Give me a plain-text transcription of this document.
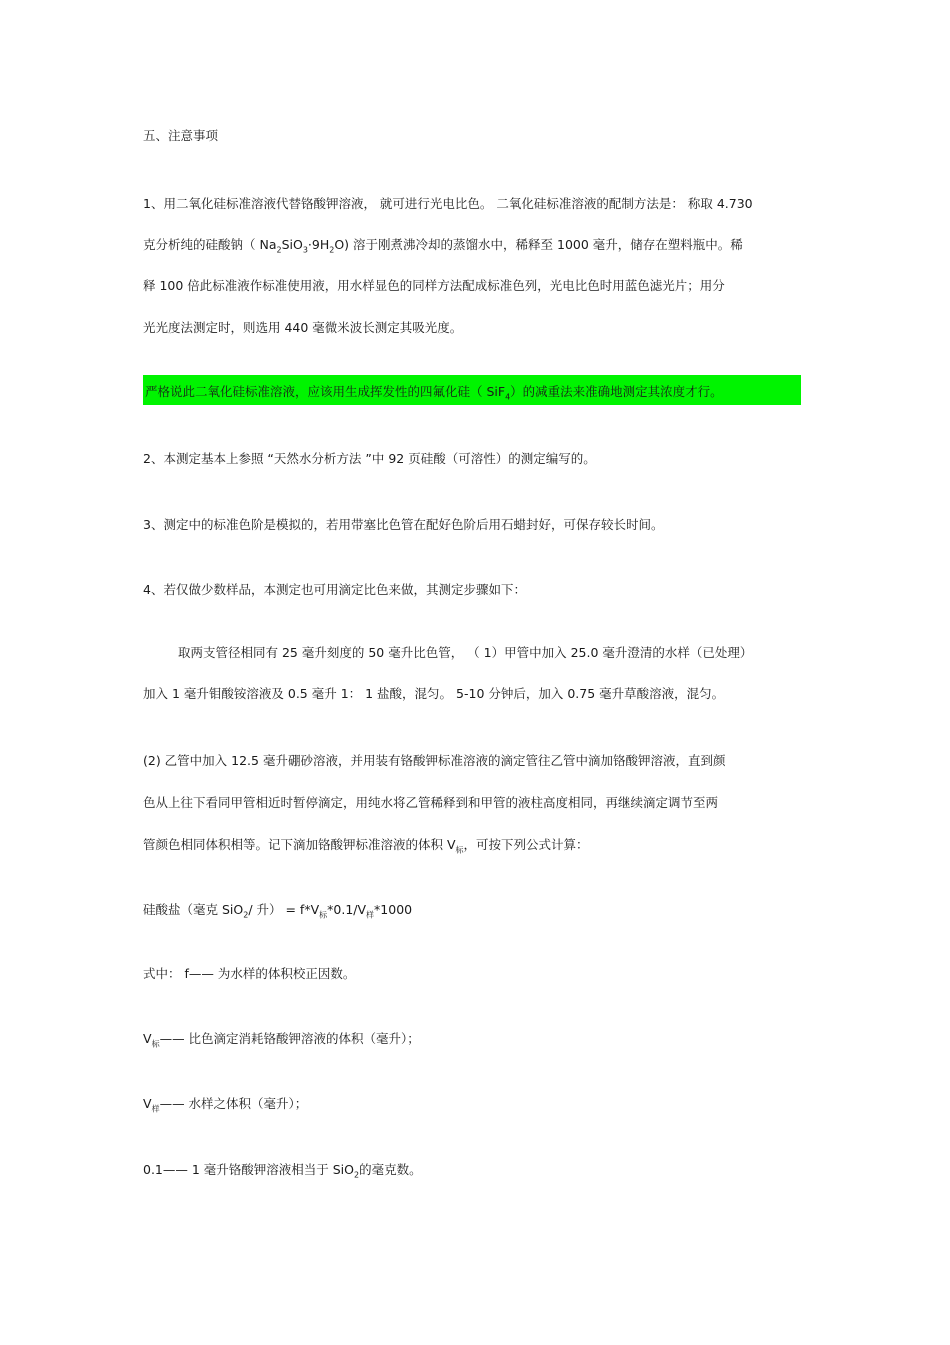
五、注意事项
1、用二氧化硅标准溶液代替铬酸钾溶液， 就可进行光电比色。 二氧化硅标准溶液的配制方法是： 称取 4.730
克分析纯的硅酸钠（ $Na_2SiO_3\cdot 9H_2O$) 溶于刚煮沸冷却的蒸馏水中，稀释至 1000 毫升，储存在塑料瓶中。稀
释 100 倍此标准液作标准使用液，用水样显色的同样方法配成标准色列，光电比色时用蓝色滤光片；用分
光光度法测定时，则选用 440 毫微米波长测定其吸光度。
严格说此二氧化硅标准溶液，应该用生成挥发性的四氟化硅（ SiF$_4$）的减重法来准确地测定其浓度才行。
2、本测定基本上参照 “天然水分析方法 ”中 92 页硅酸（可溶性）的测定编写的。
3、测定中的标准色阶是模拟的，若用带塞比色管在配好色阶后用石蜡封好，可保存较长时间。
4、若仅做少数样品，本测定也可用滴定比色来做，其测定步骤如下：
取两支管径相同有 25 毫升刻度的 50 毫升比色管， （ 1）甲管中加入 25.0 毫升澄清的水样（已处理）
加入 1 毫升钼酸铵溶液及 0.5 毫升 1： 1 盐酸，混匀。 5-10 分钟后，加入 0.75 毫升草酸溶液，混匀。
(2) 乙管中加入 12.5 毫升硼砂溶液，并用装有铬酸钾标准溶液的滴定管往乙管中滴加铬酸钾溶液，直到颜
色从上往下看同甲管相近时暂停滴定，用纯水将乙管稀释到和甲管的液柱高度相同，再继续滴定调节至两
管颜色相同体积相等。记下滴加铬酸钾标准溶液的体积 $V_标$，可按下列公式计算：
硅酸盐（毫克 SiO$_2$/ 升） = $f*V_标*0.1/V_样*1000$
式中： f—— 为水样的体积校正因数。
$V_标——$ 比色滴定消耗铬酸钾溶液的体积（毫升）；
$V_样——$ 水样之体积（毫升）；
0.1—— 1 毫升铬酸钾溶液相当于 SiO$_2$的毫克数。
